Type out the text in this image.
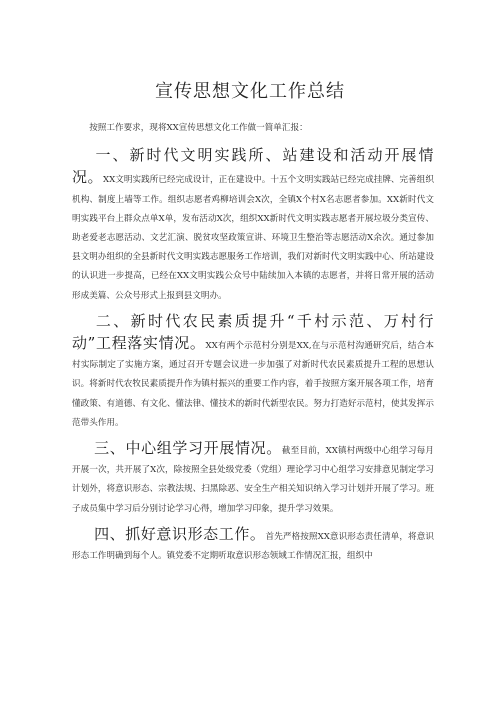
宣传思想文化工作总结

按照工作要求，现将XX宣传思想文化工作做一简单汇报：

一、新时代文明实践所、站建设和活动开展情况。XX文明实践所已经完成设计，正在建设中。十五个文明实践站已经完成挂牌、完善组织机构、制度上墙等工作。组织志愿者鸡柳培训会X次，全镇X个村X名志愿者参加。XX新时代文明实践平台上群众点单X单，发布活动X次，组织XX新时代文明实践志愿者开展垃圾分类宣传、助老爱老志愿活动、文艺汇演、脱贫攻坚政策宣讲、环境卫生整治等志愿活动X余次。通过参加县文明办组织的全县新时代文明实践志愿服务工作培训，我们对新时代文明实践中心、所站建设的认识进一步提高，已经在XX文明实践公众号中陆续加入本镇的志愿者，并将日常开展的活动形成美篇、公众号形式上报到县文明办。

二、新时代农民素质提升“千村示范、万村行动”工程落实情况。XX有两个示范村分别是XX,在与示范村沟通研究后，结合本村实际制定了实施方案，通过召开专题会议进一步加强了对新时代农民素质提升工程的思想认识。将新时代农牧民素质提升作为镇村振兴的重要工作内容，着手按照方案开展各项工作，培育懂政策、有道德、有文化、懂法律、懂技术的新时代新型农民。努力打造好示范村，使其发挥示范带头作用。

三、中心组学习开展情况。截至目前，XX镇村两级中心组学习每月开展一次，共开展了X次，除按照全县处级党委（党组）理论学习中心组学习安排意见制定学习计划外，将意识形态、宗教法规、扫黑除恶、安全生产相关知识纳入学习计划并开展了学习。班子成员集中学习后分别讨论学习心得，增加学习印象，提升学习效果。

四、抓好意识形态工作。首先严格按照XX意识形态责任清单，将意识形态工作明确到每个人。镇党委不定期听取意识形态领域工作情况汇报，组织中
